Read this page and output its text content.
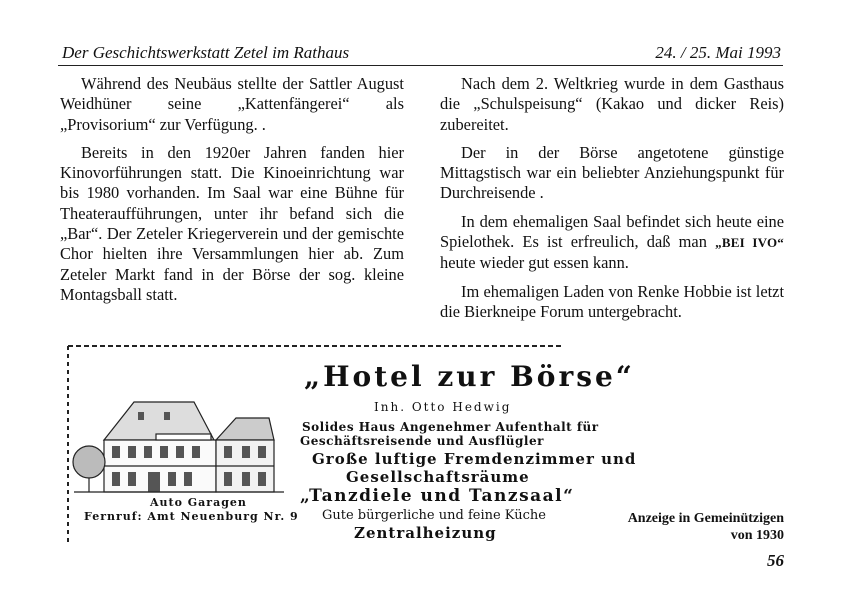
Der Geschichtswerkstatt Zetel im Rathaus	24. / 25. Mai 1993

Während des Neubäus stellte der Sattler August Weidhüner seine „Kattenfängerei“ als „Provisorium“ zur Verfügung. .

Bereits in den 1920er Jahren fanden hier Kinovorführungen statt. Die Kinoeinrichtung war bis 1980 vorhanden. Im Saal war eine Bühne für Theateraufführungen, unter ihr befand sich die „Bar“. Der Zeteler Kriegerverein und der gemischte Chor hielten ihre Versammlungen hier ab. Zum Zeteler Markt fand in der Börse der sog. kleine Montagsball statt.

Nach dem 2. Weltkrieg wurde in dem Gasthaus die „Schulspeisung“ (Kakao und dicker Reis) zubereitet.

Der in der Börse angetotene günstige Mittagstisch war ein beliebter Anziehungspunkt für Durchreisende .

In dem ehemaligen Saal befindet sich heute eine Spielothek. Es ist erfreulich, daß man „BEI IVO“ heute wieder gut essen kann.

Im ehemaligen Laden von Renke Hobbie ist letzt die Bierkneipe Forum untergebracht.

„Hotel zur Börse“
Inh. Otto Hedwig
Solides Haus Angenehmer Aufenthalt für
Geschäftsreisende und Ausflügler
Große luftige Fremdenzimmer und
Gesellschaftsräume
„Tanzdiele und Tanzsaal“
Gute bürgerliche und feine Küche
Zentralheizung
Auto Garagen
Fernruf: Amt Neuenburg Nr. 9	Anzeige in Gemeinützigen
von 1930
56
